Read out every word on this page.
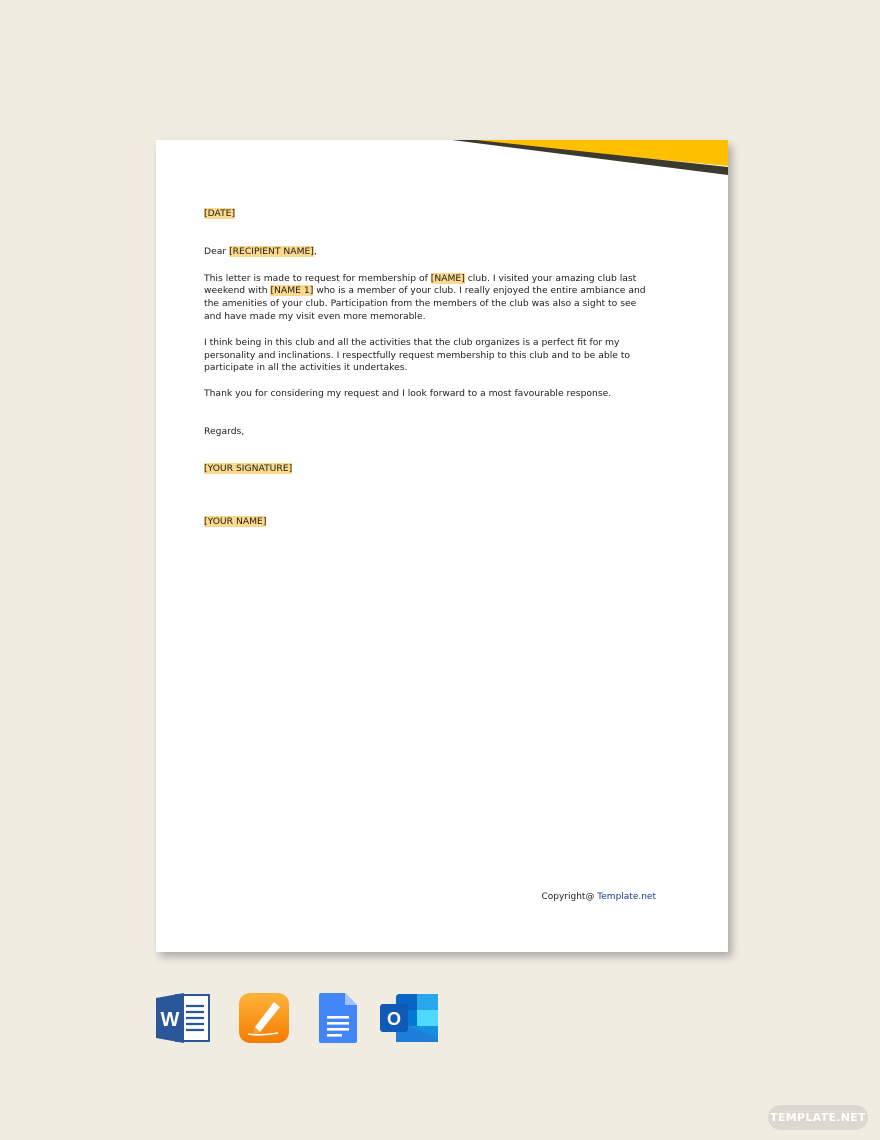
[DATE]

Dear [RECIPIENT NAME],

This letter is made to request for membership of [NAME] club. I visited your amazing club last weekend with [NAME 1] who is a member of your club. I really enjoyed the entire ambiance and the amenities of your club. Participation from the members of the club was also a sight to see and have made my visit even more memorable.

I think being in this club and all the activities that the club organizes is a perfect fit for my personality and inclinations. I respectfully request membership to this club and to be able to participate in all the activities it undertakes.

Thank you for considering my request and I look forward to a most favourable response.

Regards,

[YOUR SIGNATURE]

[YOUR NAME]

Copyright@ Template.net
W	O
TEMPLATE.NET
